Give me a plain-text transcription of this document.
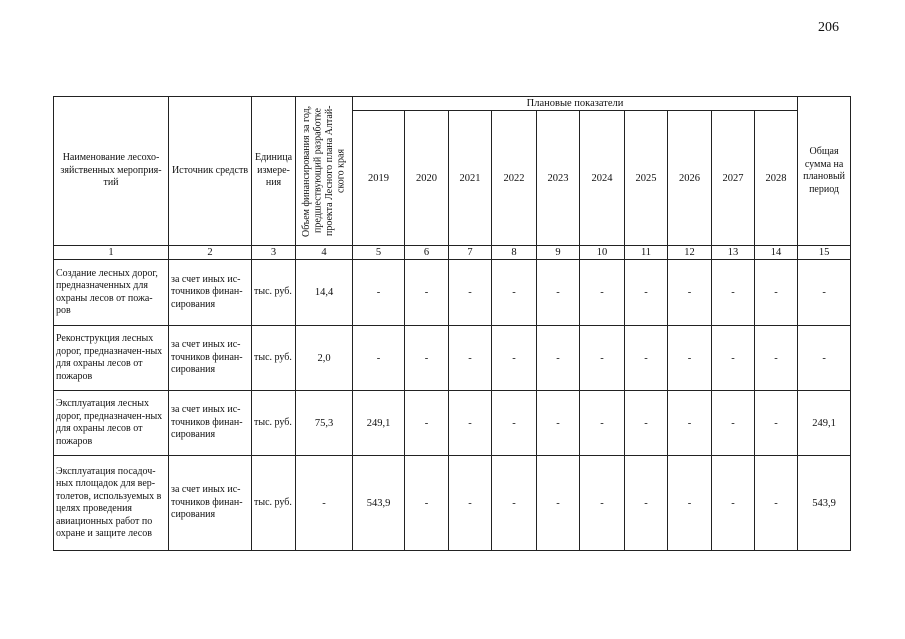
206
Наименование лесохо-зяйственных мероприя-тий	Источник средств	Единица измере-ния	Объем финансирования за год, предшествующий разработке проекта Лесного плана Алтай-ского края	Плановые показатели										Общая сумма на плановый период
				2019	2020	2021	2022	2023	2024	2025	2026	2027	2028	
1	2	3	4	5	6	7	8	9	10	11	12	13	14	15
Создание лесных дорог, предназначенных для охраны лесов от пожа-ров	за счет иных ис-точников финан-сирования	тыс. руб.	14,4	-	-	-	-	-	-	-	-	-	-	-
Реконструкция лесных дорог, предназначен-ных для охраны лесов от пожаров	за счет иных ис-точников финан-сирования	тыс. руб.	2,0	-	-	-	-	-	-	-	-	-	-	-
Эксплуатация лесных дорог, предназначен-ных для охраны лесов от пожаров	за счет иных ис-точников финан-сирования	тыс. руб.	75,3	249,1	-	-	-	-	-	-	-	-	-	249,1
Эксплуатация посадоч-ных площадок для вер-толетов, используемых в целях проведения авиационных работ по охране и защите лесов	за счет иных ис-точников финан-сирования	тыс. руб.	-	543,9	-	-	-	-	-	-	-	-	-	543,9
